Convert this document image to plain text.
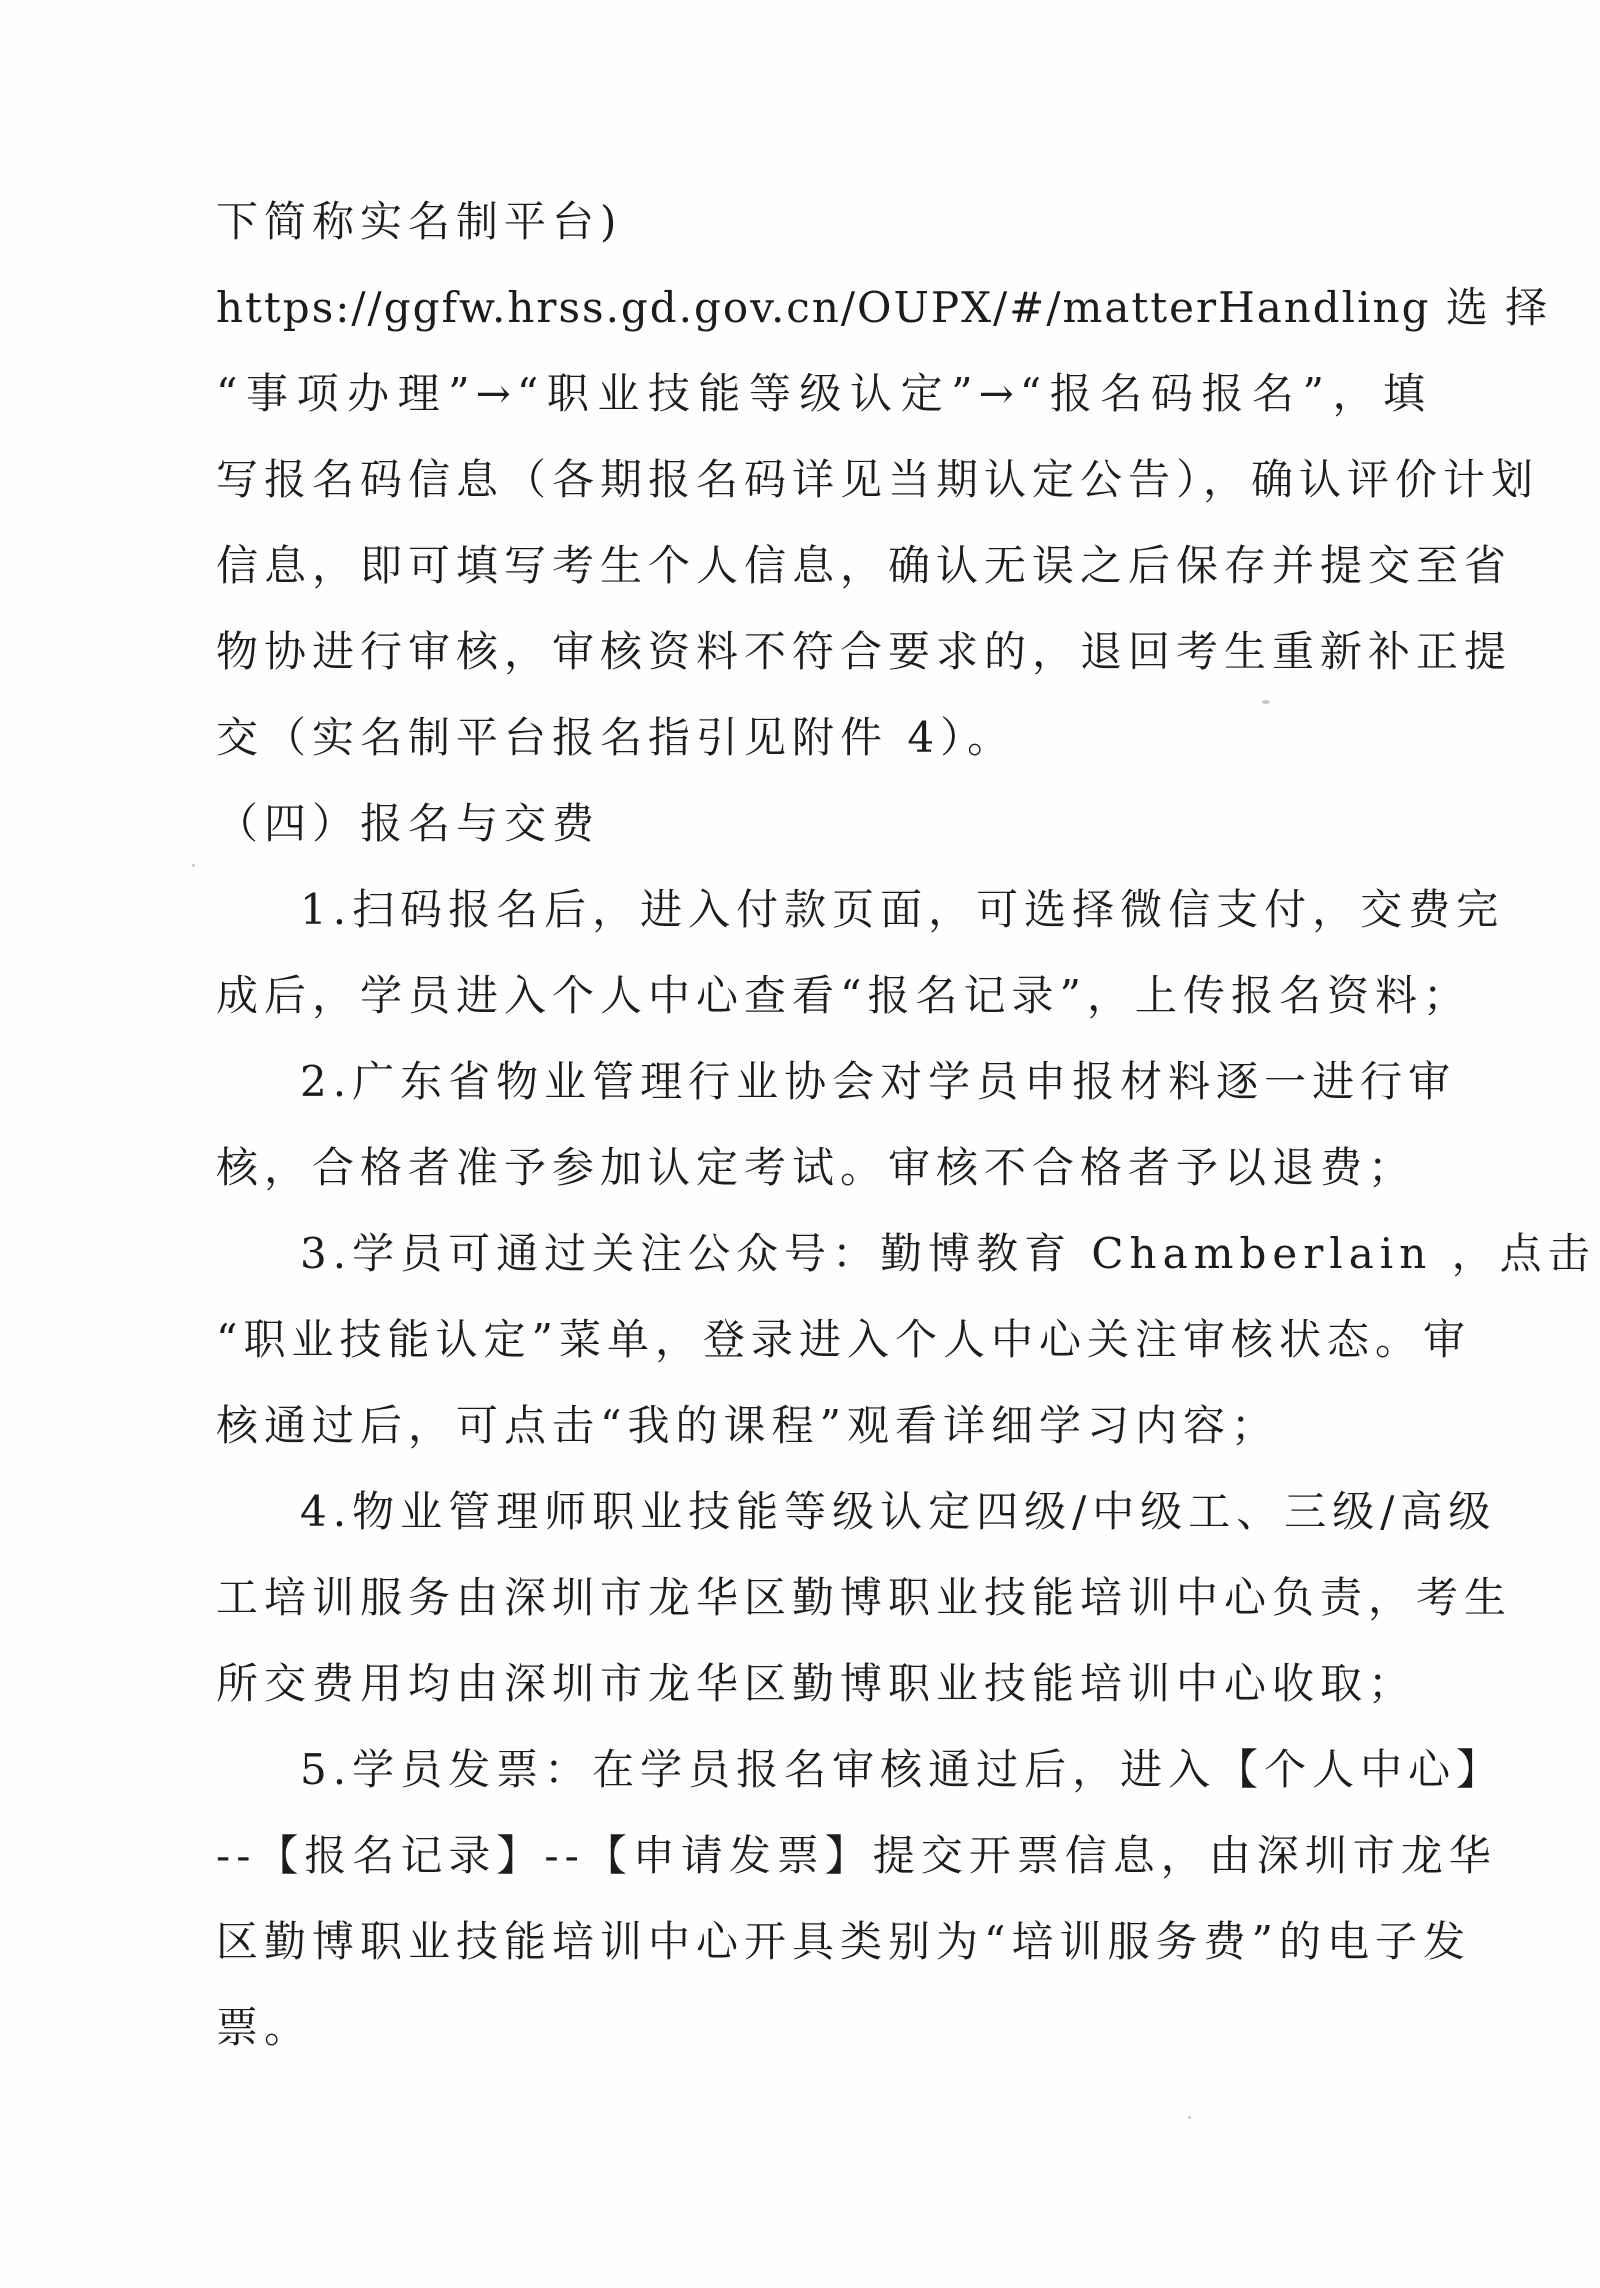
下简称实名制平台)
https://ggfw.hrss.gd.gov.cn/OUPX/#/matterHandling 选 择
“事项办理”→“职业技能等级认定”→“报名码报名”，填
写报名码信息（各期报名码详见当期认定公告），确认评价计划
信息，即可填写考生个人信息，确认无误之后保存并提交至省
物协进行审核，审核资料不符合要求的，退回考生重新补正提
交（实名制平台报名指引见附件 4）。
（四）报名与交费
1.扫码报名后，进入付款页面，可选择微信支付，交费完
成后，学员进入个人中心查看“报名记录”，上传报名资料；
2.广东省物业管理行业协会对学员申报材料逐一进行审
核，合格者准予参加认定考试。审核不合格者予以退费；
3.学员可通过关注公众号：勤博教育 Chamberlain ，点击
“职业技能认定”菜单，登录进入个人中心关注审核状态。审
核通过后，可点击“我的课程”观看详细学习内容；
4.物业管理师职业技能等级认定四级/中级工、三级/高级
工培训服务由深圳市龙华区勤博职业技能培训中心负责，考生
所交费用均由深圳市龙华区勤博职业技能培训中心收取；
5.学员发票：在学员报名审核通过后，进入【个人中心】
--【报名记录】--【申请发票】提交开票信息，由深圳市龙华
区勤博职业技能培训中心开具类别为“培训服务费”的电子发
票。
